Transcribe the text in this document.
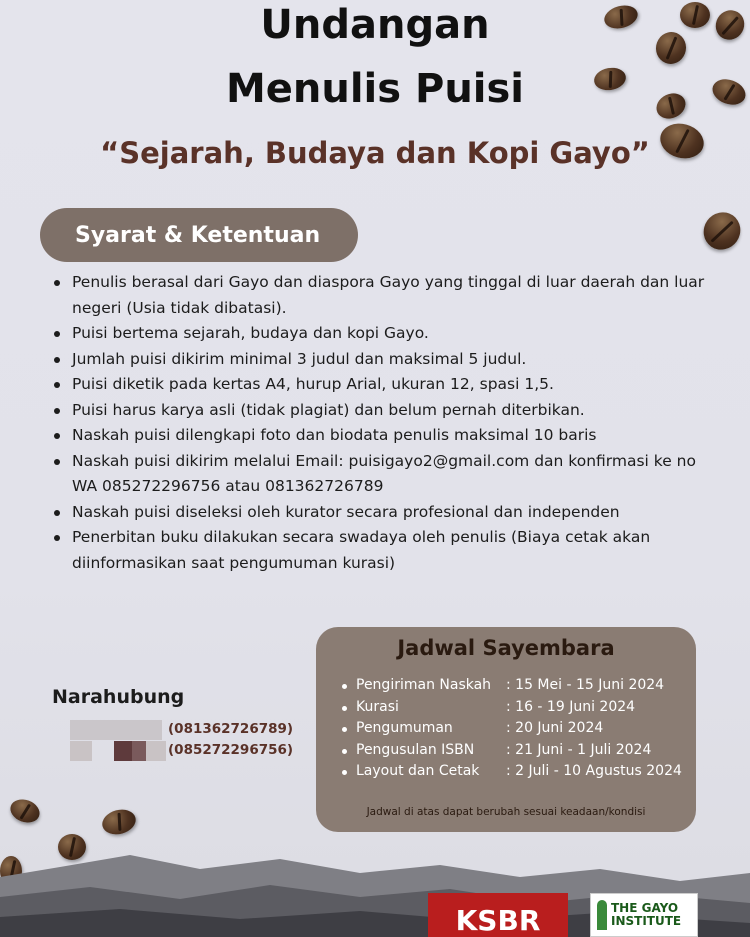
Undangan
Menulis Puisi

“Sejarah, Budaya dan Kopi Gayo”

Syarat & Ketentuan
Penulis berasal dari Gayo dan diaspora Gayo yang tinggal di luar daerah dan luar negeri (Usia tidak dibatasi).
Puisi bertema sejarah, budaya dan kopi Gayo.
Jumlah puisi dikirim minimal 3 judul dan maksimal 5 judul.
Puisi diketik pada kertas A4, hurup Arial, ukuran 12, spasi 1,5.
Puisi harus karya asli (tidak plagiat) dan belum pernah diterbikan.
Naskah puisi dilengkapi foto dan biodata penulis maksimal 10 baris
Naskah puisi dikirim melalui Email: puisigayo2@gmail.com dan konfirmasi ke no WA 085272296756 atau 081362726789
Naskah puisi diseleksi oleh kurator secara profesional dan independen
Penerbitan buku dilakukan secara swadaya oleh penulis (Biaya cetak akan diinformasikan saat pengumuman kurasi)
Narahubung
(081362726789)
(085272296756)
Jadwal Sayembara
Pengiriman Naskah : 15 Mei - 15 Juni 2024
Kurasi	: 16 - 19 Juni 2024
Pengumuman	: 20 Juni 2024
Pengusulan ISBN : 21 Juni - 1 Juli 2024
Layout dan Cetak : 2 Juli - 10 Agustus 2024
Jadwal di atas dapat berubah sesuai keadaan/kondisi
KSBR	THE GAYO
INSTITUTE
